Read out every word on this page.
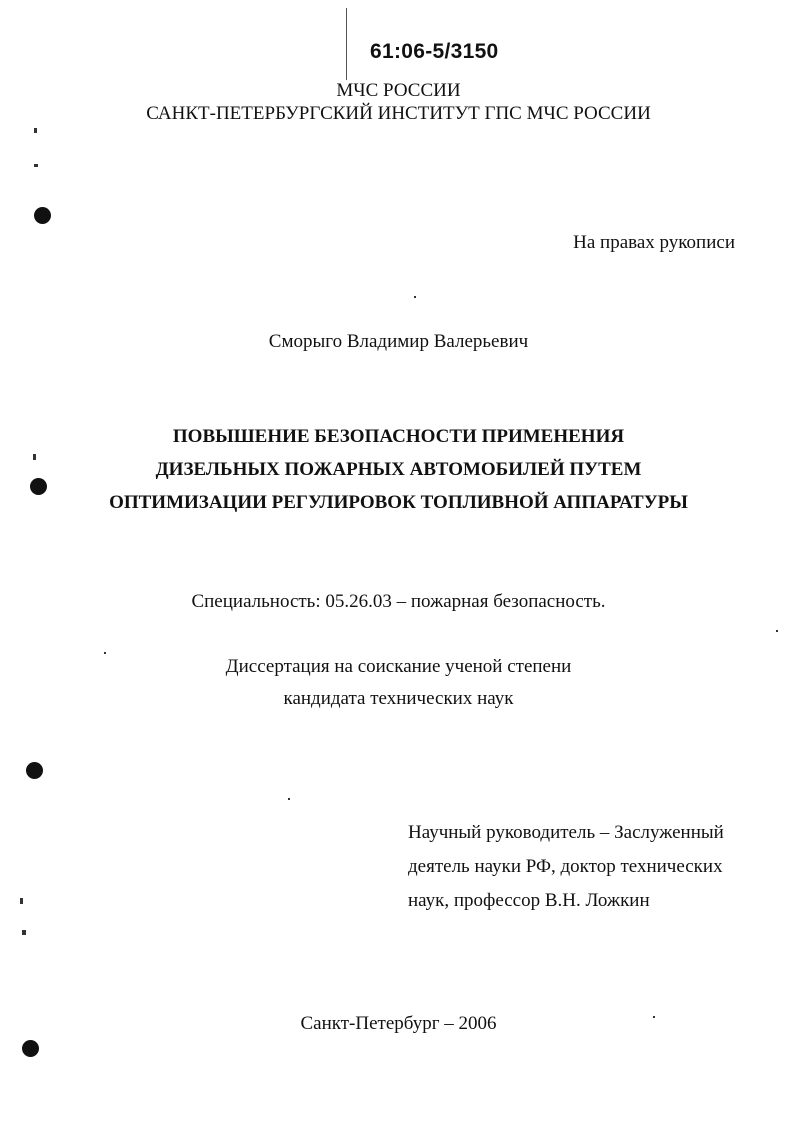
61:06-5/3150
МЧС РОССИИ
САНКТ-ПЕТЕРБУРГСКИЙ ИНСТИТУТ ГПС МЧС РОССИИ
На правах рукописи
Сморыго Владимир Валерьевич
ПОВЫШЕНИЕ БЕЗОПАСНОСТИ ПРИМЕНЕНИЯ
ДИЗЕЛЬНЫХ ПОЖАРНЫХ АВТОМОБИЛЕЙ ПУТЕМ
ОПТИМИЗАЦИИ РЕГУЛИРОВОК ТОПЛИВНОЙ АППАРАТУРЫ
Специальность: 05.26.03 – пожарная безопасность.
Диссертация на соискание ученой степени
кандидата технических наук
Научный руководитель – Заслуженный
деятель науки РФ, доктор технических
наук, профессор В.Н. Ложкин
Санкт-Петербург – 2006
